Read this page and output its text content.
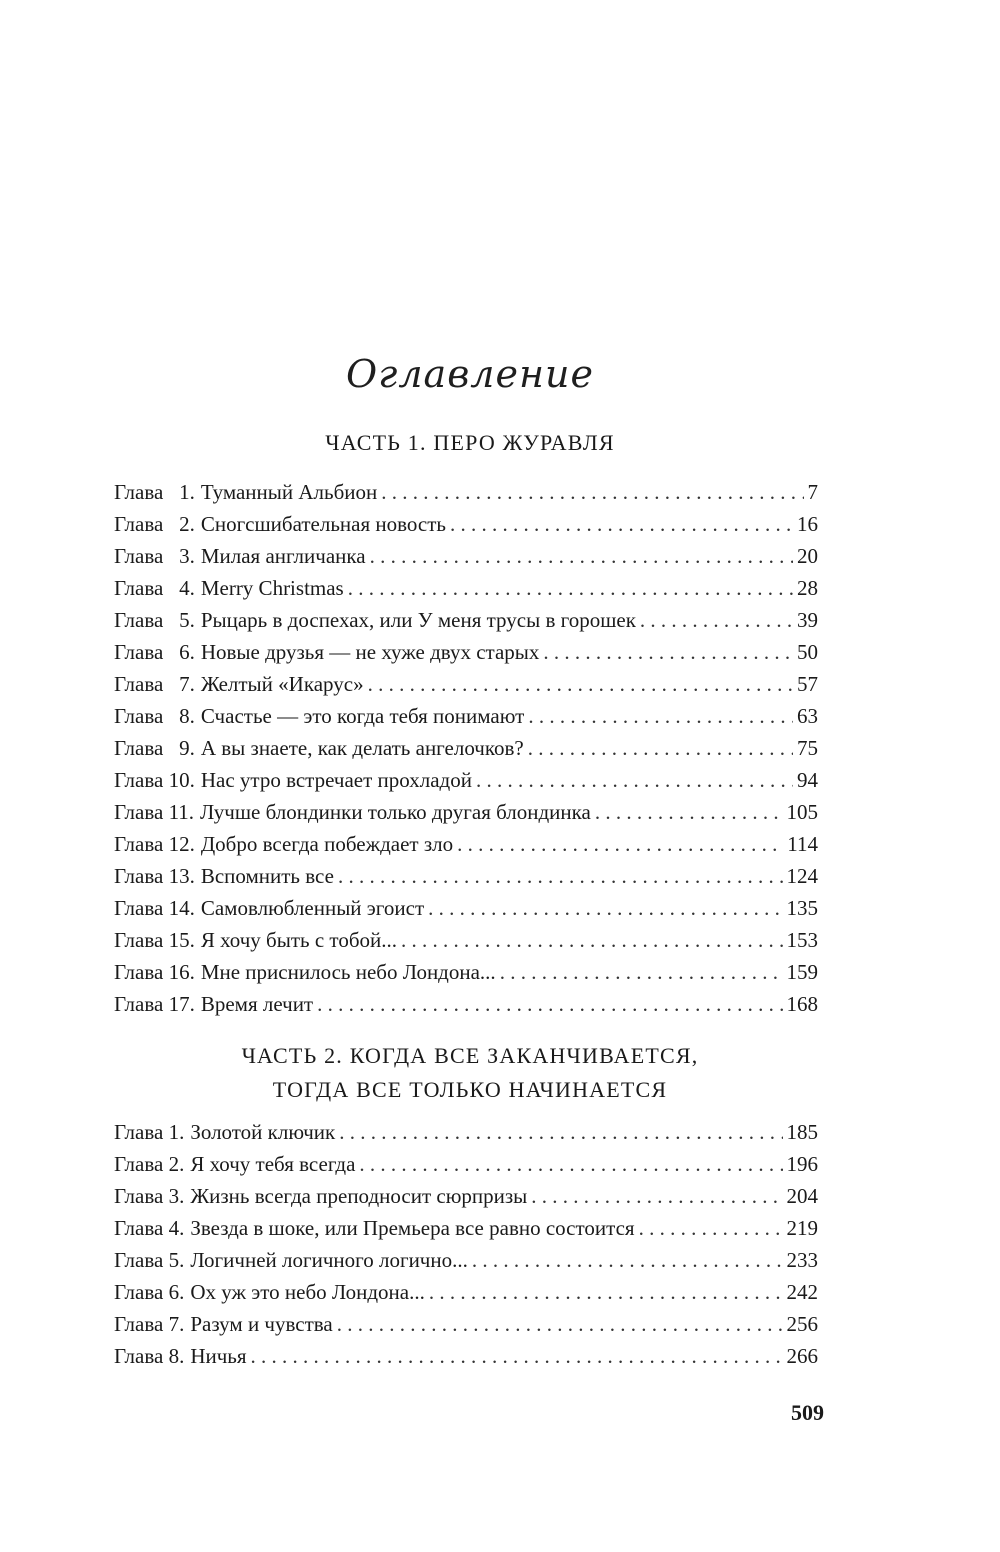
Оглавление
ЧАСТЬ 1. ПЕРО ЖУРАВЛЯ
Глава   1. Туманный Альбион . . .	7
Глава   2. Сногсшибательная новость . . .	16
Глава   3. Милая англичанка . . .	20
Глава   4. Merry Christmas . . .	28
Глава   5. Рыцарь в доспехах, или У меня трусы в горошек . . .	39
Глава   6. Новые друзья — не хуже двух старых . . .	50
Глава   7. Желтый «Икарус» . . .	57
Глава   8. Счастье — это когда тебя понимают . . .	63
Глава   9. А вы знаете, как делать ангелочков? . . .	75
Глава 10. Нас утро встречает прохладой . . .	94
Глава 11. Лучше блондинки только другая блондинка . . .	105
Глава 12. Добро всегда побеждает зло . . .	114
Глава 13. Вспомнить все . . .	124
Глава 14. Самовлюбленный эгоист . . .	135
Глава 15. Я хочу быть с тобой... . . .	153
Глава 16. Мне приснилось небо Лондона... . . .	159
Глава 17. Время лечит . . .	168
ЧАСТЬ 2. КОГДА ВСЕ ЗАКАНЧИВАЕТСЯ,
ТОГДА ВСЕ ТОЛЬКО НАЧИНАЕТСЯ
Глава 1. Золотой ключик . . .	185
Глава 2. Я хочу тебя всегда . . .	196
Глава 3. Жизнь всегда преподносит сюрпризы . . .	204
Глава 4. Звезда в шоке, или Премьера все равно состоится . . .	219
Глава 5. Логичней логичного логично... . . .	233
Глава 6. Ох уж это небо Лондона... . . .	242
Глава 7. Разум и чувства . . .	256
Глава 8. Ничья . . .	266

509
